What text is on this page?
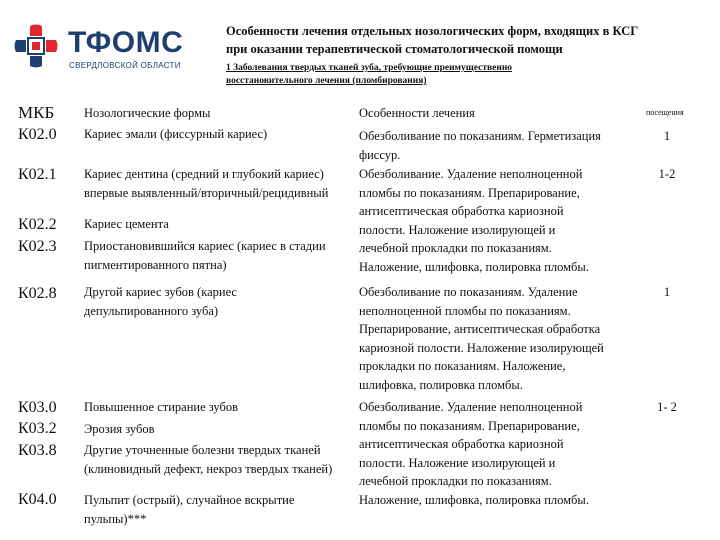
ТФОМС
СВЕРДЛОВСКОЙ ОБЛАСТИ
Особенности лечения отдельных нозологических форм, входящих в КСГ
при оказании терапевтической стоматологической помощи
1 Заболевания твердых тканей зуба, требующие преимущественно
восстановительного лечения (пломбирования)
МКБ Нозологические формы	Особенности лечения	посещения
К02.0
К02.1
К02.2
К02.3
К02.8
К03.0
К03.2
К03.8
К04.0
Кариес эмали (фиссурный кариес)
Кариес дентина (средний и глубокий кариес)
впервые выявленный/вторичный/рецидивный
Кариес цемента
Приостановившийся кариес (кариес в стадии
пигментированного пятна)
Другой кариес зубов (кариес
депульпированного зуба)
Повышенное стирание зубов
Эрозия зубов
Другие уточненные болезни твердых тканей
(клиновидный дефект, некроз твердых тканей)
Пульпит (острый), случайное вскрытие
пульпы)***
Обезболивание по показаниям. Герметизация
фиссур.
Обезболивание. Удаление неполноценной
пломбы по показаниям. Препарирование,
антисептическая обработка кариозной
полости. Наложение изолирующей и
лечебной прокладки по показаниям.
Наложение, шлифовка, полировка пломбы.
Обезболивание по показаниям. Удаление
неполноценной пломбы по показаниям.
Препарирование, антисептическая обработка
кариозной полости. Наложение изолирующей
прокладки по показаниям. Наложение,
шлифовка, полировка пломбы.
Обезболивание. Удаление неполноценной
пломбы по показаниям. Препарирование,
антисептическая обработка кариозной
полости. Наложение изолирующей и
лечебной прокладки по показаниям.
Наложение, шлифовка, полировка пломбы.
1
1-2
1
1- 2
